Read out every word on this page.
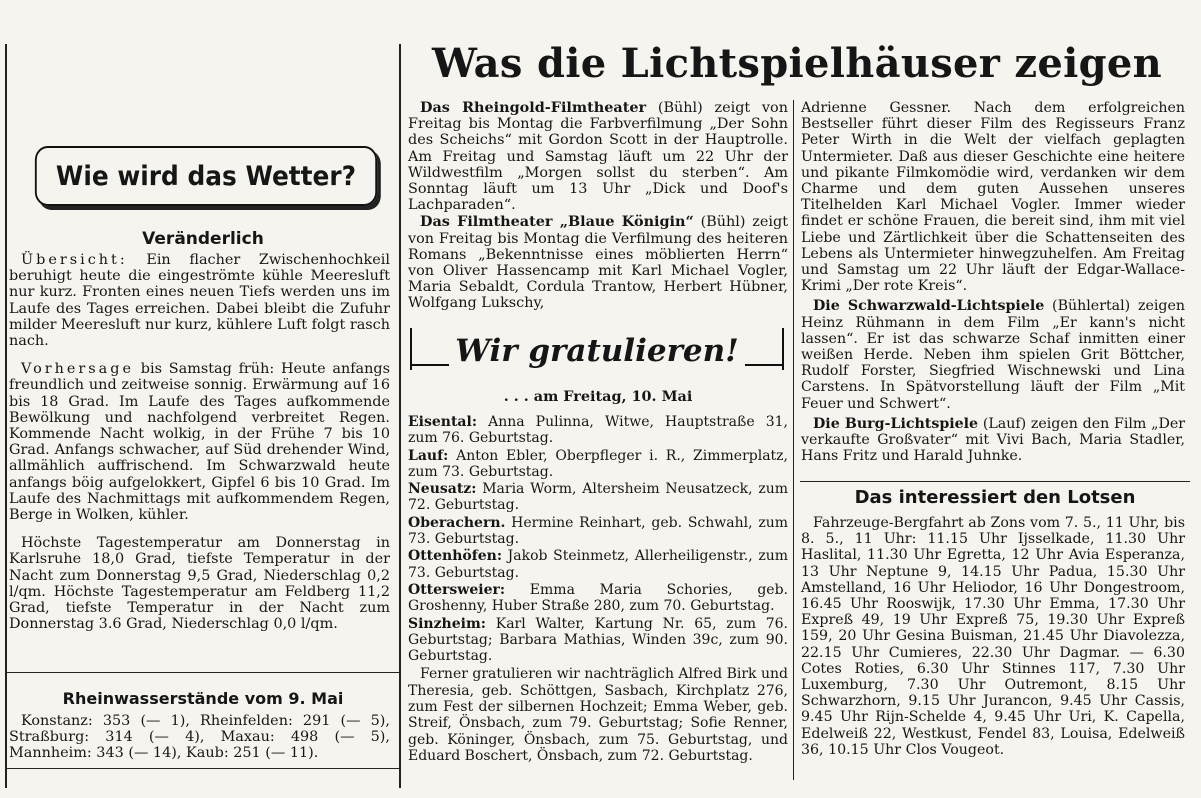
Wie wird das Wetter?
Veränderlich

Übersicht: Ein flacher Zwischenhochkeil beruhigt heute die eingeströmte kühle Meeresluft nur kurz. Fronten eines neuen Tiefs werden uns im Laufe des Tages erreichen. Dabei bleibt die Zufuhr milder Meeresluft nur kurz, kühlere Luft folgt rasch nach.

Vorhersage bis Samstag früh: Heute anfangs freundlich und zeitweise sonnig. Erwärmung auf 16 bis 18 Grad. Im Laufe des Tages aufkommende Bewölkung und nachfolgend verbreitet Regen. Kommende Nacht wolkig, in der Frühe 7 bis 10 Grad. Anfangs schwacher, auf Süd drehender Wind, allmählich auffrischend. Im Schwarzwald heute anfangs böig aufgelokkert, Gipfel 6 bis 10 Grad. Im Laufe des Nachmittags mit aufkommendem Regen, Berge in Wolken, kühler.

Höchste Tagestemperatur am Donnerstag in Karlsruhe 18,0 Grad, tiefste Temperatur in der Nacht zum Donnerstag 9,5 Grad, Niederschlag 0,2 l/qm. Höchste Tagestemperatur am Feldberg 11,2 Grad, tiefste Temperatur in der Nacht zum Donnerstag 3.6 Grad, Niederschlag 0,0 l/qm.

Rheinwasserstände vom 9. Mai

Konstanz: 353 (— 1), Rheinfelden: 291 (— 5), Straßburg: 314 (— 4), Maxau: 498 (— 5), Mannheim: 343 (— 14), Kaub: 251 (— 11).

Was die Lichtspielhäuser zeigen

Das Rheingold-Filmtheater (Bühl) zeigt von Freitag bis Montag die Farbverfilmung „Der Sohn des Scheichs“ mit Gordon Scott in der Hauptrolle. Am Freitag und Samstag läuft um 22 Uhr der Wildwestfilm „Morgen sollst du sterben“. Am Sonntag läuft um 13 Uhr „Dick und Doof's Lachparaden“.

Das Filmtheater „Blaue Königin“ (Bühl) zeigt von Freitag bis Montag die Verfilmung des heiteren Romans „Bekenntnisse eines möblierten Herrn“ von Oliver Hassencamp mit Karl Michael Vogler, Maria Sebaldt, Cordula Trantow, Herbert Hübner, Wolfgang Lukschy,

Wir gratulieren!
. . . am Freitag, 10. Mai

Eisental: Anna Pulinna, Witwe, Hauptstraße 31, zum 76. Geburtstag.

Lauf: Anton Ebler, Oberpfleger i. R., Zimmerplatz, zum 73. Geburtstag.

Neusatz: Maria Worm, Altersheim Neusatzeck, zum 72. Geburtstag.

Oberachern. Hermine Reinhart, geb. Schwahl, zum 73. Geburtstag.

Ottenhöfen: Jakob Steinmetz, Allerheiligenstr., zum 73. Geburtstag.

Ottersweier: Emma Maria Schories, geb. Groshenny, Huber Straße 280, zum 70. Geburtstag.

Sinzheim: Karl Walter, Kartung Nr. 65, zum 76. Geburtstag; Barbara Mathias, Winden 39c, zum 90. Geburtstag.

Ferner gratulieren wir nachträglich Alfred Birk und Theresia, geb. Schöttgen, Sasbach, Kirchplatz 276, zum Fest der silbernen Hochzeit; Emma Weber, geb. Streif, Önsbach, zum 79. Geburtstag; Sofie Renner, geb. Köninger, Önsbach, zum 75. Geburtstag, und Eduard Boschert, Önsbach, zum 72. Geburtstag.

Adrienne Gessner. Nach dem erfolgreichen Bestseller führt dieser Film des Regisseurs Franz Peter Wirth in die Welt der vielfach geplagten Untermieter. Daß aus dieser Geschichte eine heitere und pikante Filmkomödie wird, verdanken wir dem Charme und dem guten Aussehen unseres Titelhelden Karl Michael Vogler. Immer wieder findet er schöne Frauen, die bereit sind, ihm mit viel Liebe und Zärtlichkeit über die Schattenseiten des Lebens als Untermieter hinwegzuhelfen. Am Freitag und Samstag um 22 Uhr läuft der Edgar-Wallace-Krimi „Der rote Kreis“.

Die Schwarzwald-Lichtspiele (Bühlertal) zeigen Heinz Rühmann in dem Film „Er kann's nicht lassen“. Er ist das schwarze Schaf inmitten einer weißen Herde. Neben ihm spielen Grit Böttcher, Rudolf Forster, Siegfried Wischnewski und Lina Carstens. In Spätvorstellung läuft der Film „Mit Feuer und Schwert“.

Die Burg-Lichtspiele (Lauf) zeigen den Film „Der verkaufte Großvater“ mit Vivi Bach, Maria Stadler, Hans Fritz und Harald Juhnke.

Das interessiert den Lotsen

Fahrzeuge-Bergfahrt ab Zons vom 7. 5., 11 Uhr, bis 8. 5., 11 Uhr: 11.15 Uhr Ijsselkade, 11.30 Uhr Haslital, 11.30 Uhr Egretta, 12 Uhr Avia Esperanza, 13 Uhr Neptune 9, 14.15 Uhr Padua, 15.30 Uhr Amstelland, 16 Uhr Heliodor, 16 Uhr Dongestroom, 16.45 Uhr Rooswijk, 17.30 Uhr Emma, 17.30 Uhr Expreß 49, 19 Uhr Expreß 75, 19.30 Uhr Expreß 159, 20 Uhr Gesina Buisman, 21.45 Uhr Diavolezza, 22.15 Uhr Cumieres, 22.30 Uhr Dagmar. — 6.30 Cotes Roties, 6.30 Uhr Stinnes 117, 7.30 Uhr Luxemburg, 7.30 Uhr Outremont, 8.15 Uhr Schwarzhorn, 9.15 Uhr Jurancon, 9.45 Uhr Cassis, 9.45 Uhr Rijn-Schelde 4, 9.45 Uhr Uri, K. Capella, Edelweiß 22, Westkust, Fendel 83, Louisa, Edelweiß 36, 10.15 Uhr Clos Vougeot.
